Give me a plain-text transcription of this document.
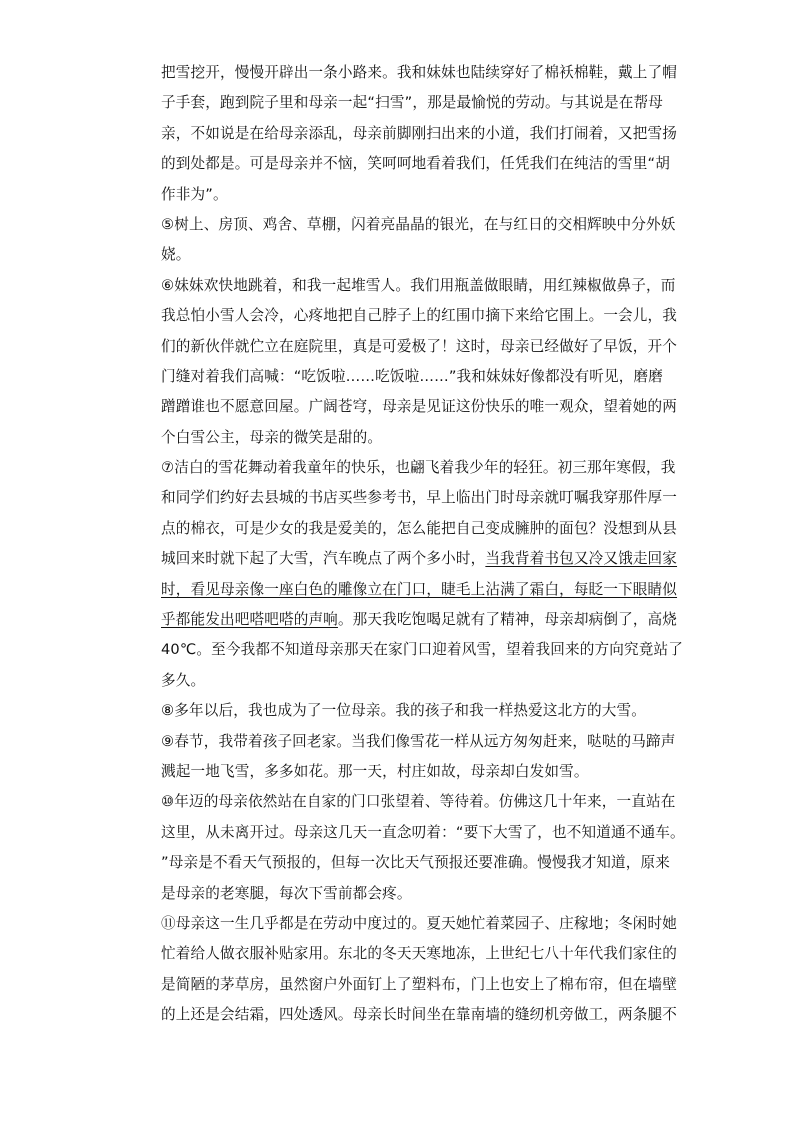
把雪挖开，慢慢开辟出一条小路来。我和妹妹也陆续穿好了棉袄棉鞋，戴上了帽
子手套，跑到院子里和母亲一起“扫雪”，那是最愉悦的劳动。与其说是在帮母
亲，不如说是在给母亲添乱，母亲前脚刚扫出来的小道，我们打闹着，又把雪扬
的到处都是。可是母亲并不恼，笑呵呵地看着我们，任凭我们在纯洁的雪里“胡
作非为”。
⑤树上、房顶、鸡舍、草棚，闪着亮晶晶的银光，在与红日的交相辉映中分外妖
娆。
⑥妹妹欢快地跳着，和我一起堆雪人。我们用瓶盖做眼睛，用红辣椒做鼻子，而
我总怕小雪人会冷，心疼地把自己脖子上的红围巾摘下来给它围上。一会儿，我
们的新伙伴就伫立在庭院里，真是可爱极了！这时，母亲已经做好了早饭，开个
门缝对着我们高喊：“吃饭啦……吃饭啦……”我和妹妹好像都没有听见，磨磨
蹭蹭谁也不愿意回屋。广阔苍穹，母亲是见证这份快乐的唯一观众，望着她的两
个白雪公主，母亲的微笑是甜的。
⑦洁白的雪花舞动着我童年的快乐，也翩飞着我少年的轻狂。初三那年寒假，我
和同学们约好去县城的书店买些参考书，早上临出门时母亲就叮嘱我穿那件厚一
点的棉衣，可是少女的我是爱美的，怎么能把自己变成臃肿的面包？没想到从县
城回来时就下起了大雪，汽车晚点了两个多小时，当我背着书包又冷又饿走回家
时，看见母亲像一座白色的雕像立在门口，睫毛上沾满了霜白，每眨一下眼睛似
乎都能发出吧嗒吧嗒的声响。那天我吃饱喝足就有了精神，母亲却病倒了，高烧
40℃。至今我都不知道母亲那天在家门口迎着风雪，望着我回来的方向究竟站了
多久。
⑧多年以后，我也成为了一位母亲。我的孩子和我一样热爱这北方的大雪。
⑨春节，我带着孩子回老家。当我们像雪花一样从远方匆匆赶来，哒哒的马蹄声
溅起一地飞雪，多多如花。那一天，村庄如故，母亲却白发如雪。
⑩年迈的母亲依然站在自家的门口张望着、等待着。仿佛这几十年来，一直站在
这里，从未离开过。母亲这几天一直念叨着：“要下大雪了，也不知道通不通车。
”母亲是不看天气预报的，但每一次比天气预报还要准确。慢慢我才知道，原来
是母亲的老寒腿，每次下雪前都会疼。
⑪母亲这一生几乎都是在劳动中度过的。夏天她忙着菜园子、庄稼地；冬闲时她
忙着给人做衣服补贴家用。东北的冬天天寒地冻，上世纪七八十年代我们家住的
是简陋的茅草房，虽然窗户外面钉上了塑料布，门上也安上了棉布帘，但在墙壁
的上还是会结霜，四处透风。母亲长时间坐在靠南墙的缝纫机旁做工，两条腿不
